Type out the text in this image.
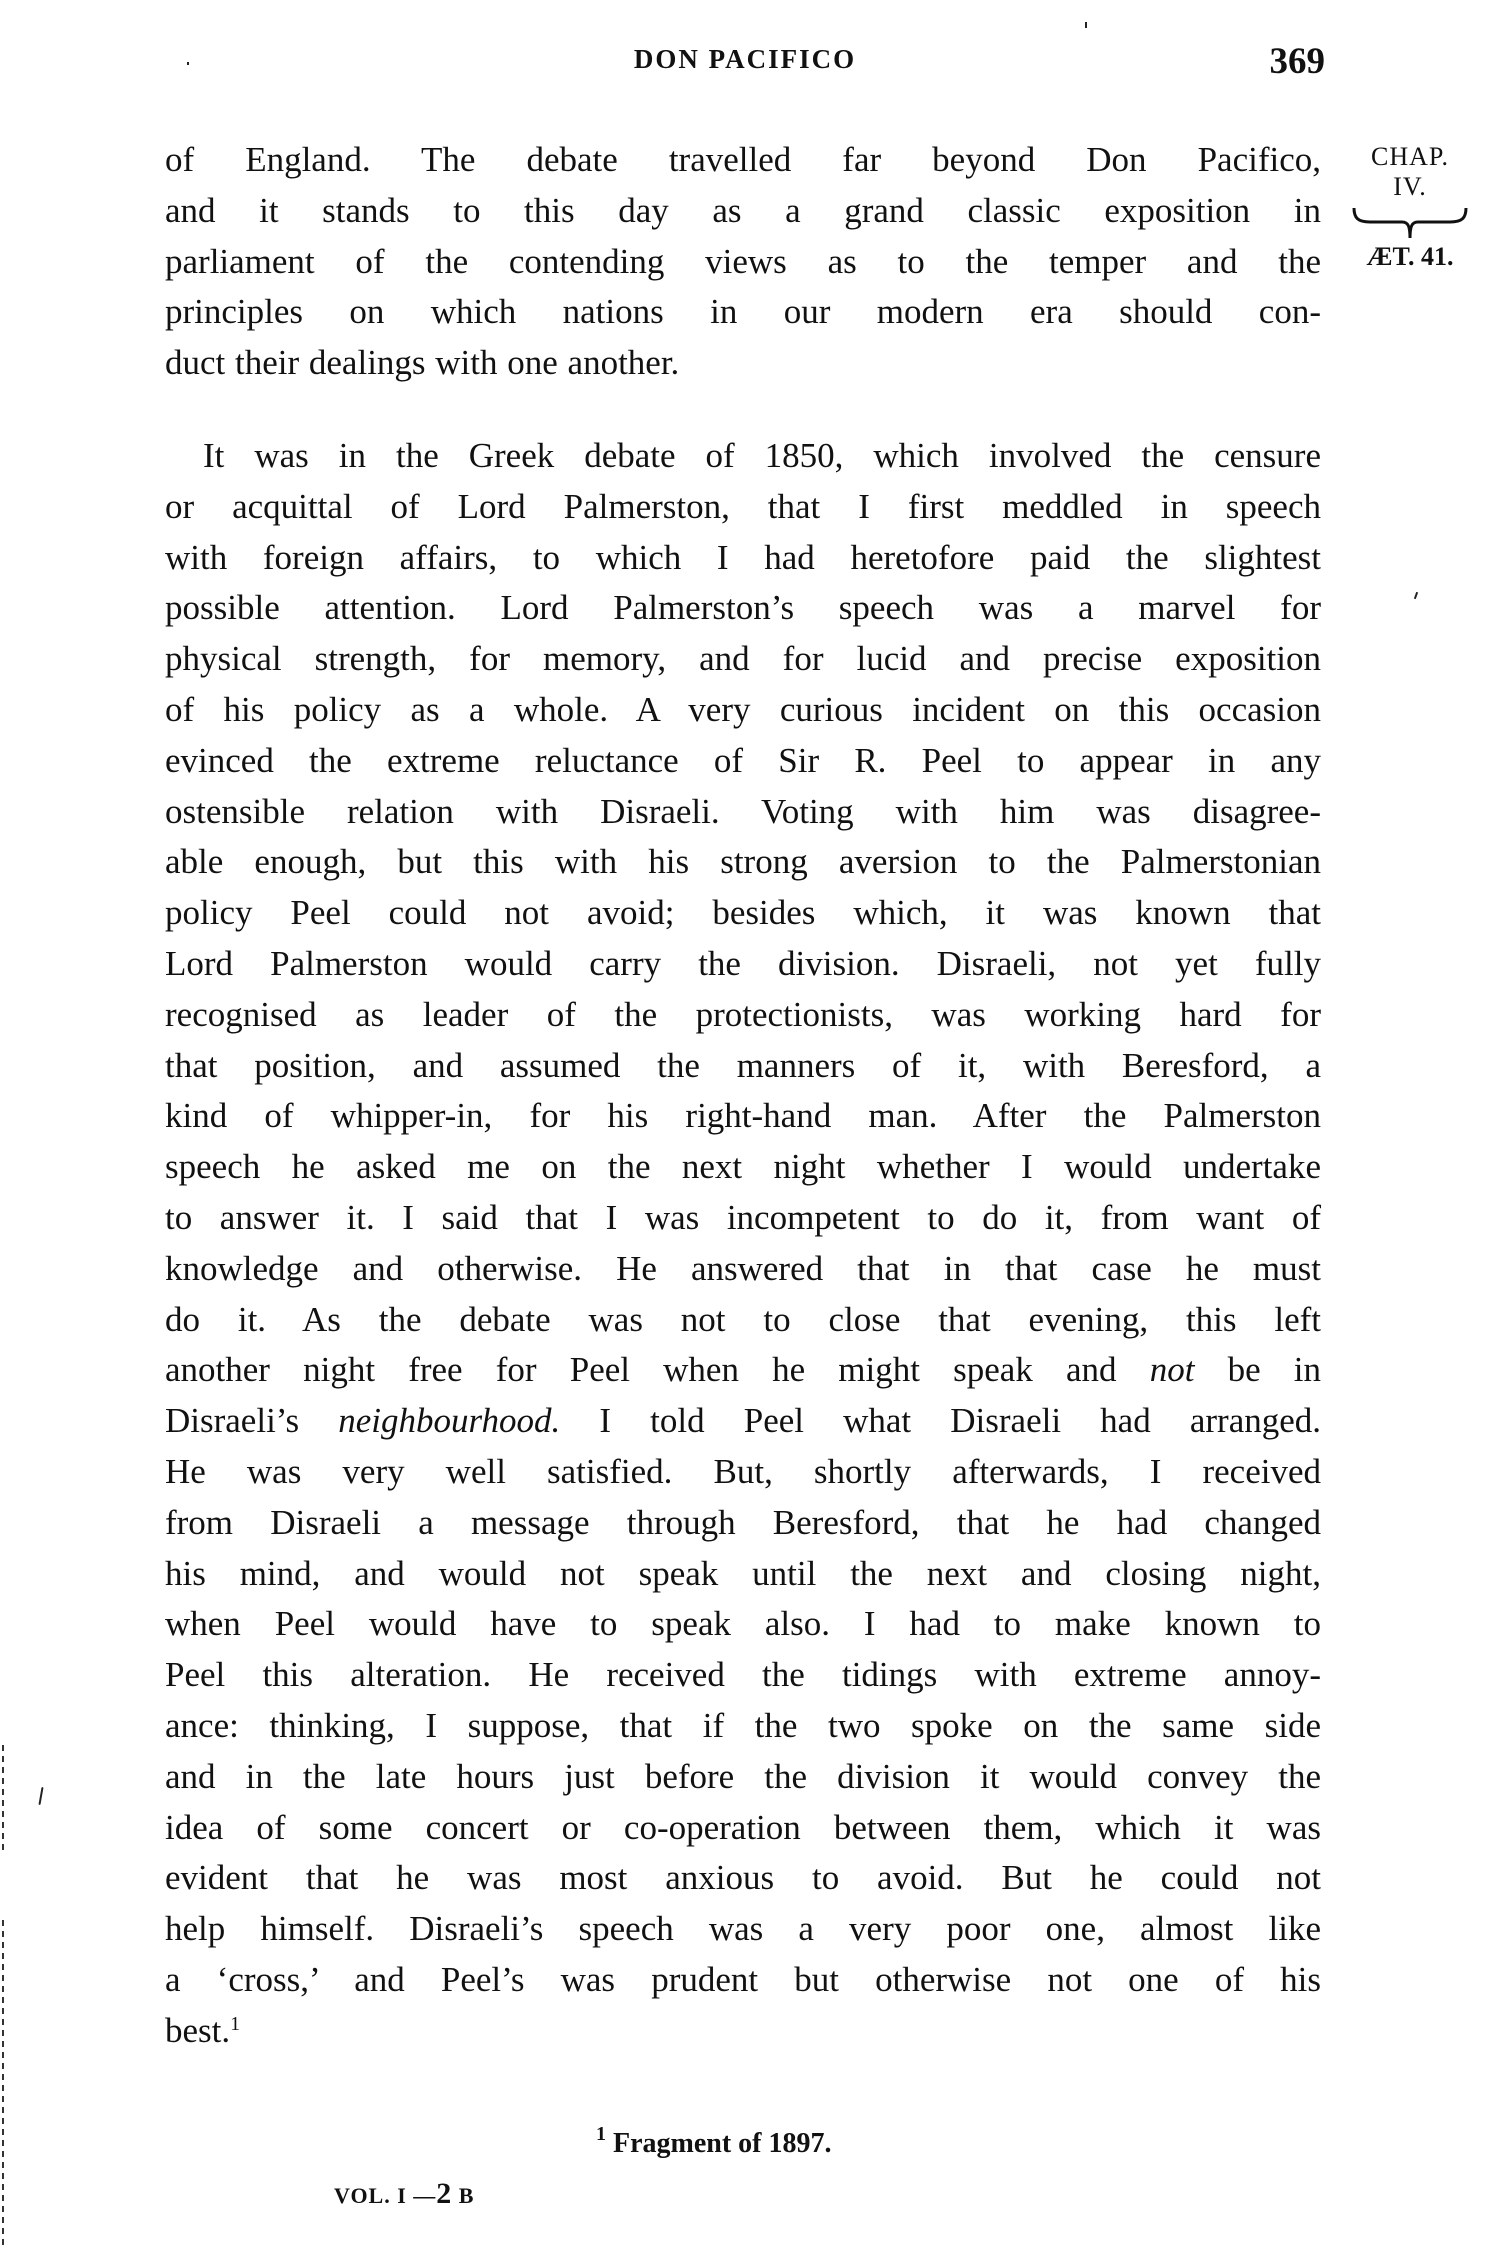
DON PACIFICO	369
CHAP.
IV.
ÆT. 41.
of England. The debate travelled far beyond Don Pacifico,
and it stands to this day as a grand classic exposition in
parliament of the contending views as to the temper and the
principles on which nations in our modern era should con-
duct their dealings with one another.
It was in the Greek debate of 1850, which involved the censure
or acquittal of Lord Palmerston, that I first meddled in speech
with foreign affairs, to which I had heretofore paid the slightest
possible attention. Lord Palmerston’s speech was a marvel for
physical strength, for memory, and for lucid and precise exposition
of his policy as a whole. A very curious incident on this occasion
evinced the extreme reluctance of Sir R. Peel to appear in any
ostensible relation with Disraeli. Voting with him was disagree-
able enough, but this with his strong aversion to the Palmerstonian
policy Peel could not avoid; besides which, it was known that
Lord Palmerston would carry the division. Disraeli, not yet fully
recognised as leader of the protectionists, was working hard for
that position, and assumed the manners of it, with Beresford, a
kind of whipper-in, for his right-hand man. After the Palmerston
speech he asked me on the next night whether I would undertake
to answer it. I said that I was incompetent to do it, from want of
knowledge and otherwise. He answered that in that case he must
do it. As the debate was not to close that evening, this left
another night free for Peel when he might speak and not be in
Disraeli’s neighbourhood. I told Peel what Disraeli had arranged.
He was very well satisfied. But, shortly afterwards, I received
from Disraeli a message through Beresford, that he had changed
his mind, and would not speak until the next and closing night,
when Peel would have to speak also. I had to make known to
Peel this alteration. He received the tidings with extreme annoy-
ance: thinking, I suppose, that if the two spoke on the same side
and in the late hours just before the division it would convey the
idea of some concert or co-operation between them, which it was
evident that he was most anxious to avoid. But he could not
help himself. Disraeli’s speech was a very poor one, almost like
a ‘cross,’ and Peel’s was prudent but otherwise not one of his
best.$^1$
$^1$ Fragment of 1897.
VOL. I —2 B
